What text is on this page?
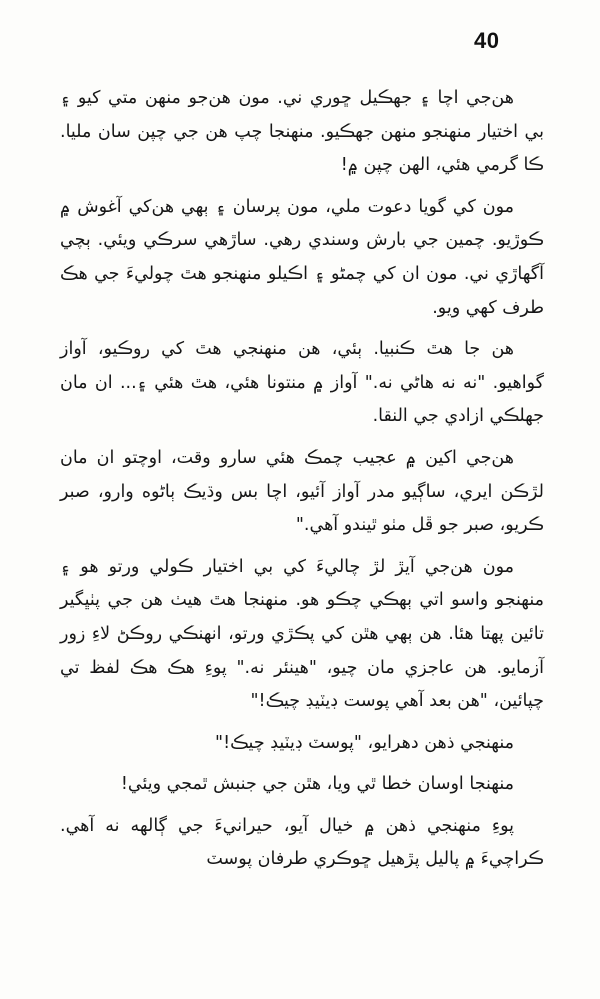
40

هن‌جي اچا ۽ جهڪيل ڇوري ني. مون هن‌جو منهن متي کيو ۽ بي اختيار منهنجو منهن جهڪيو. منهنجا چپ هن جي چپن سان مليا. ڪا گرمي هئي، الهن چپن ۾!

مون کي گويا دعوت ملي، مون پرسان ۽ ٻهي هن‌کي آغوش ۾ ڪوڙيو. چمين جي بارش وسندي رهي. ساڙهي سرڪي ويئي. ٻچي آگهاڙي ني. مون ان کي چمڻو ۽ اڪيلو منهنجو هٿ چوليءَ جي هڪ طرف کهي ويو.

هن جا هٿ ڪنبيا. ٻئي، هن منهنجي هٿ کي روڪيو، آواز گواهيو. "نه نه هاڻي نه." آواز ۾ منتونا هئي، هٿ هئي ۽... ان مان جهلڪي ازادي جي النقا.

هن‌جي اکين ۾ عجيب چمڪ هئي سارو وقت، اوچتو ان مان لڙڪن ايري، ساڳيو مدر آواز آئيو، اچا بس وڌيڪ ٻاڻوه وارو، صبر ڪريو، صبر جو ڦل مٺو ٿيندو آهي."

مون هن‌جي آيڙ لڙ چاليءَ کي بي اختيار ڪولي ورتو هو ۽ منهنجو واسو اتي ٻهڪي چڪو هو. منهنجا هٿ هيٺ هن جي پٺڀگير تائين پهتا هئا. هن ٻهي هٿن کي پڪڙي ورتو، انهنڪي روڪڻ لاءِ زور آزمايو. هن عاجزي مان چيو، "هينئر نه." پوءِ هڪ هڪ لفظ تي چپائين، "هن بعد آهي پوست ڊيٽيڊ چيڪ!"

منهنجي ذهن دهرايو، "پوسٽ ڊيٽيڊ چيڪ!"

منهنجا اوسان خطا ٿي ويا، هٿن جي جنبش ٿمجي ويئي!

پوءِ منهنجي ذهن ۾ خيال آيو، حيرانيءَ جي ڳالهه نه آهي. ڪراچيءَ ۾ پاليل پڙهيل ڇوڪري طرفان پوسٽ
